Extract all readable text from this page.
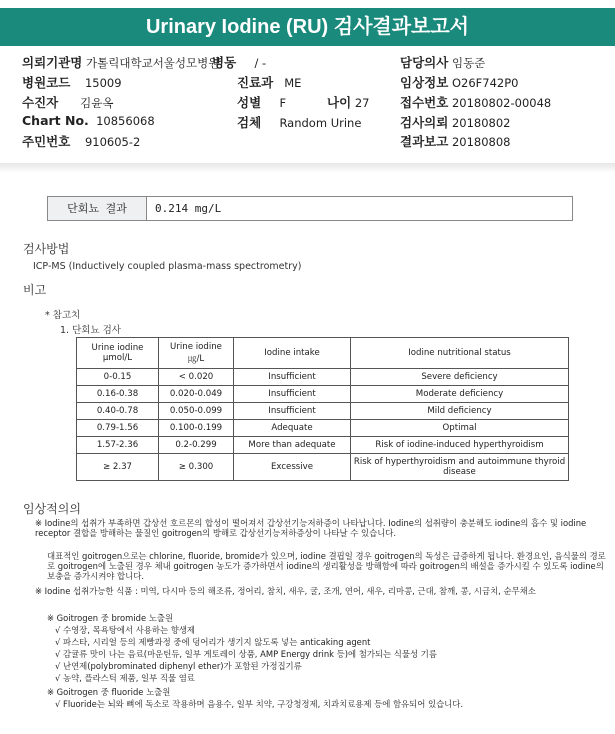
Urinary Iodine (RU) 검사결과보고서
의뢰기관명 가톨릭대학교서울성모병원
병동 / -	담당의사 임동준
병원코드 15009	진료과 ME	임상정보 O26F742P0
수진자 김윤옥	성별 F	나이 27 접수번호 20180802-00048
Chart No. 10856068	검체 Random Urine	검사의뢰 20180802
주민번호 910605-2	결과보고 20180808
단회뇨 결과	0.214 mg/L
검사방법
ICP-MS (Inductively coupled plasma-mass spectrometry)
비고
* 참고치
1. 단회뇨 검사
Urine iodine μmol/L	Urine iodine ㎍/L	Iodine intake	Iodine nutritional status
0-0.15	< 0.020	Insufficient	Severe deficiency
0.16-0.38	0.020-0.049	Insufficient	Moderate deficiency
0.40-0.78	0.050-0.099	Insufficient	Mild deficiency
0.79-1.56	0.100-0.199	Adequate	Optimal
1.57-2.36	0.2-0.299	More than adequate	Risk of iodine-induced hyperthyroidism
≥ 2.37	≥ 0.300	Excessive	Risk of hyperthyroidism and autoimmune thyroid disease
임상적의의
※ Iodine의 섭취가 부족하면 갑상선 호르몬의 합성이 떨어져서 갑상선기능저하증이 나타납니다. Iodine의 섭취량이 충분해도 iodine의 흡수 및 iodine receptor 결합을 방해하는 물질인 goitrogen의 방해로 갑상선기능저하증상이 나타날 수 있습니다.
대표적인 goitrogen으로는 chlorine, fluoride, bromide가 있으며, iodine 결핍일 경우 goitrogen의 독성은 급증하게 됩니다. 환경요인, 음식물의 경로로 goitrogen에 노출된 경우 체내 goitrogen 농도가 증가하면서 iodine의 생리활성을 방해함에 따라 goitrogen의 배설을 증가시킬 수 있도록 iodine의 보충을 증가시켜야 합니다.
※ Iodine 섭취가능한 식품 : 미역, 다시마 등의 해조류, 정어리, 참치, 새우, 굴, 조개, 연어, 새우, 리마콩, 근대, 참깨, 콩, 시금치, 순무채소
※ Goitrogen 중 bromide 노출원
√ 수영장, 목욕탕에서 사용하는 향생제
√ 파스타, 시리얼 등의 제빵과정 중에 덩어리가 생기지 않도록 넣는 anticaking agent
√ 감귤류 맛이 나는 음료(마운틴듀, 일부 게토레이 상품, AMP Energy drink 등)에 첨가되는 식물성 기름
√ 난연제(polybrominated diphenyl ether)가 포함된 가정집기류
√ 농약, 플라스틱 제품, 일부 직물 염료
※ Goitrogen 중 fluoride 노출원
√ Fluoride는 뇌와 뼈에 독소로 작용하며 음용수, 일부 치약, 구강청정제, 치과치료용제 등에 함유되어 있습니다.
